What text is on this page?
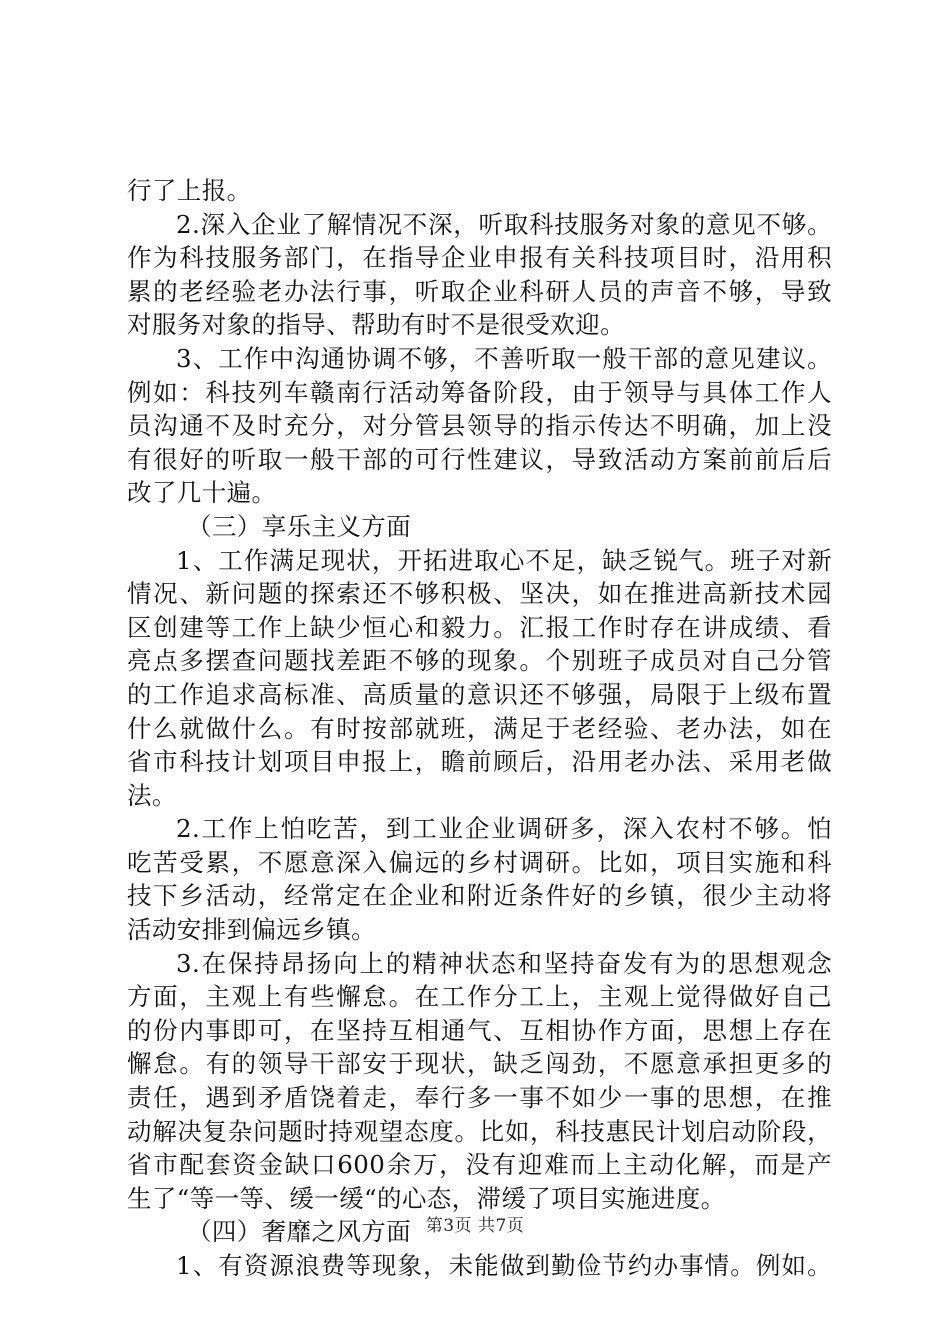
行了上报。
2.深入企业了解情况不深，听取科技服务对象的意见不够。
作为科技服务部门，在指导企业申报有关科技项目时，沿用积
累的老经验老办法行事，听取企业科研人员的声音不够，导致
对服务对象的指导、帮助有时不是很受欢迎。
3、工作中沟通协调不够，不善听取一般干部的意见建议。
例如：科技列车赣南行活动筹备阶段，由于领导与具体工作人
员沟通不及时充分，对分管县领导的指示传达不明确，加上没
有很好的听取一般干部的可行性建议，导致活动方案前前后后
改了几十遍。
（三）享乐主义方面
1、工作满足现状，开拓进取心不足，缺乏锐气。班子对新
情况、新问题的探索还不够积极、坚决，如在推进高新技术园
区创建等工作上缺少恒心和毅力。汇报工作时存在讲成绩、看
亮点多摆查问题找差距不够的现象。个别班子成员对自己分管
的工作追求高标准、高质量的意识还不够强，局限于上级布置
什么就做什么。有时按部就班，满足于老经验、老办法，如在
省市科技计划项目申报上，瞻前顾后，沿用老办法、采用老做
法。
2.工作上怕吃苦，到工业企业调研多，深入农村不够。怕
吃苦受累，不愿意深入偏远的乡村调研。比如，项目实施和科
技下乡活动，经常定在企业和附近条件好的乡镇，很少主动将
活动安排到偏远乡镇。
3.在保持昂扬向上的精神状态和坚持奋发有为的思想观念
方面，主观上有些懈怠。在工作分工上，主观上觉得做好自己
的份内事即可，在坚持互相通气、互相协作方面，思想上存在
懈怠。有的领导干部安于现状，缺乏闯劲，不愿意承担更多的
责任，遇到矛盾饶着走，奉行多一事不如少一事的思想，在推
动解决复杂问题时持观望态度。比如，科技惠民计划启动阶段，
省市配套资金缺口600余万，没有迎难而上主动化解，而是产
生了“等一等、缓一缓“的心态，滞缓了项目实施进度。
（四）奢靡之风方面
1、有资源浪费等现象，未能做到勤俭节约办事情。例如。
第3页 共7页
